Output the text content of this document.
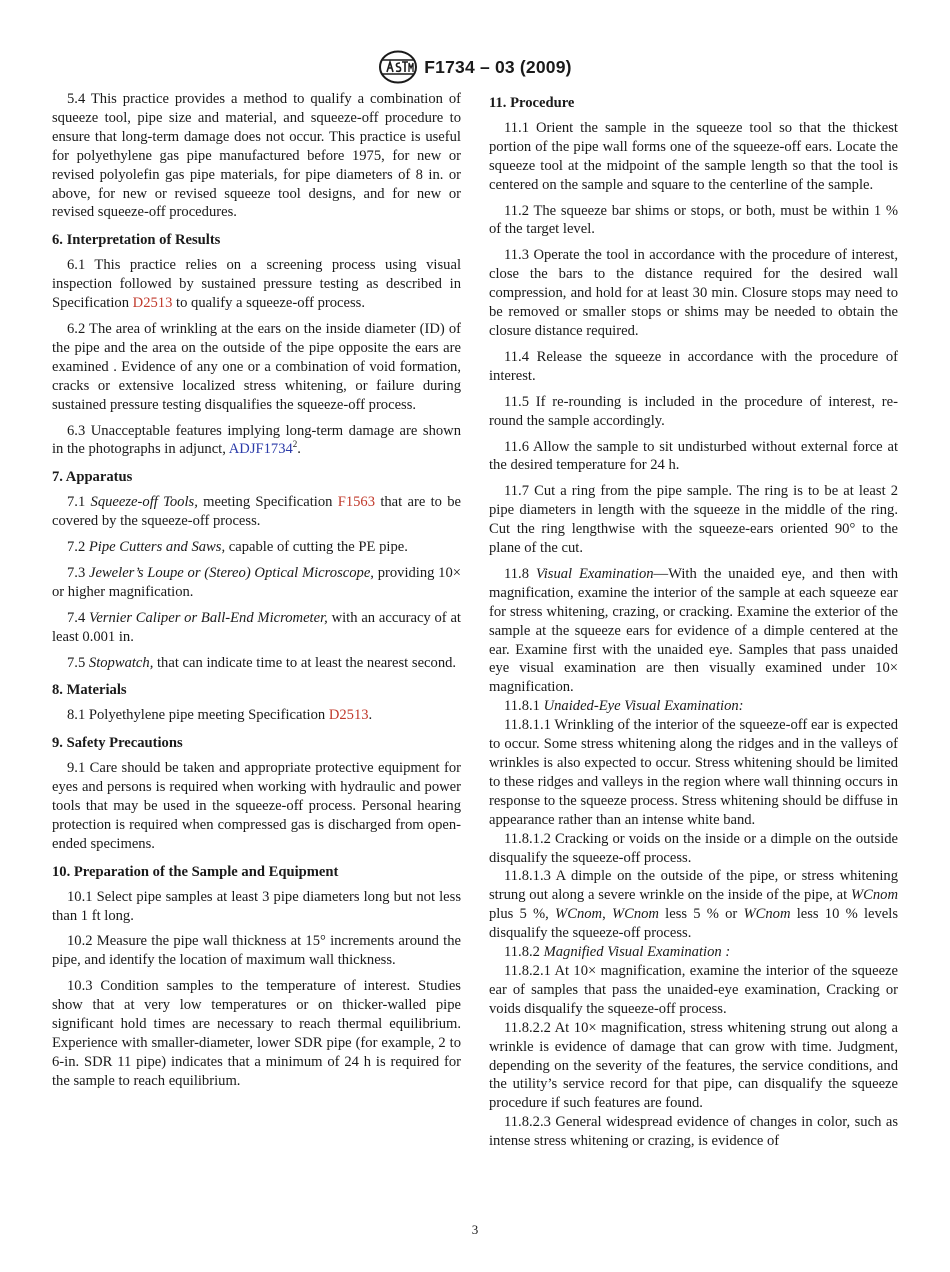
F1734 – 03 (2009)

5.4 This practice provides a method to qualify a combination of squeeze tool, pipe size and material, and squeeze-off procedure to ensure that long-term damage does not occur. This practice is useful for polyethylene gas pipe manufactured before 1975, for new or revised polyolefin gas pipe materials, for pipe diameters of 8 in. or above, for new or revised squeeze tool designs, and for new or revised squeeze-off procedures.

6. Interpretation of Results

6.1 This practice relies on a screening process using visual inspection followed by sustained pressure testing as described in Specification D2513 to qualify a squeeze-off process.

6.2 The area of wrinkling at the ears on the inside diameter (ID) of the pipe and the area on the outside of the pipe opposite the ears are examined . Evidence of any one or a combination of void formation, cracks or extensive localized stress whitening, or failure during sustained pressure testing disqualifies the squeeze-off process.

6.3 Unacceptable features implying long-term damage are shown in the photographs in adjunct, ADJF1734$^2$.

7. Apparatus

7.1 Squeeze-off Tools, meeting Specification F1563 that are to be covered by the squeeze-off process.

7.2 Pipe Cutters and Saws, capable of cutting the PE pipe.

7.3 Jeweler’s Loupe or (Stereo) Optical Microscope, providing 10× or higher magnification.

7.4 Vernier Caliper or Ball-End Micrometer, with an accuracy of at least 0.001 in.

7.5 Stopwatch, that can indicate time to at least the nearest second.

8. Materials

8.1 Polyethylene pipe meeting Specification D2513.

9. Safety Precautions

9.1 Care should be taken and appropriate protective equipment for eyes and persons is required when working with hydraulic and power tools that may be used in the squeeze-off process. Personal hearing protection is required when compressed gas is discharged from open-ended specimens.

10. Preparation of the Sample and Equipment

10.1 Select pipe samples at least 3 pipe diameters long but not less than 1 ft long.

10.2 Measure the pipe wall thickness at 15° increments around the pipe, and identify the location of maximum wall thickness.

10.3 Condition samples to the temperature of interest. Studies show that at very low temperatures or on thicker-walled pipe significant hold times are necessary to reach thermal equilibrium. Experience with smaller-diameter, lower SDR pipe (for example, 2 to 6-in. SDR 11 pipe) indicates that a minimum of 24 h is required for the sample to reach equilibrium.

11. Procedure

11.1 Orient the sample in the squeeze tool so that the thickest portion of the pipe wall forms one of the squeeze-off ears. Locate the squeeze tool at the midpoint of the sample length so that the tool is centered on the sample and square to the centerline of the sample.

11.2 The squeeze bar shims or stops, or both, must be within 1 % of the target level.

11.3 Operate the tool in accordance with the procedure of interest, close the bars to the distance required for the desired wall compression, and hold for at least 30 min. Closure stops may need to be removed or smaller stops or shims may be needed to obtain the closure distance required.

11.4 Release the squeeze in accordance with the procedure of interest.

11.5 If re-rounding is included in the procedure of interest, re-round the sample accordingly.

11.6 Allow the sample to sit undisturbed without external force at the desired temperature for 24 h.

11.7 Cut a ring from the pipe sample. The ring is to be at least 2 pipe diameters in length with the squeeze in the middle of the ring. Cut the ring lengthwise with the squeeze-ears oriented 90° to the plane of the cut.

11.8 Visual Examination—With the unaided eye, and then with magnification, examine the interior of the sample at each squeeze ear for stress whitening, crazing, or cracking. Examine the exterior of the sample at the squeeze ears for evidence of a dimple centered at the ear. Examine first with the unaided eye. Samples that pass unaided eye visual examination are then visually examined under 10× magnification.

11.8.1 Unaided-Eye Visual Examination:

11.8.1.1 Wrinkling of the interior of the squeeze-off ear is expected to occur. Some stress whitening along the ridges and in the valleys of wrinkles is also expected to occur. Stress whitening should be limited to these ridges and valleys in the region where wall thinning occurs in response to the squeeze process. Stress whitening should be diffuse in appearance rather than an intense white band.

11.8.1.2 Cracking or voids on the inside or a dimple on the outside disqualify the squeeze-off process.

11.8.1.3 A dimple on the outside of the pipe, or stress whitening strung out along a severe wrinkle on the inside of the pipe, at WCnom plus 5 %, WCnom, WCnom less 5 % or WCnom less 10 % levels disqualify the squeeze-off process.

11.8.2 Magnified Visual Examination :

11.8.2.1 At 10× magnification, examine the interior of the squeeze ear of samples that pass the unaided-eye examination, Cracking or voids disqualify the squeeze-off process.

11.8.2.2 At 10× magnification, stress whitening strung out along a wrinkle is evidence of damage that can grow with time. Judgment, depending on the severity of the features, the service conditions, and the utility’s service record for that pipe, can disqualify the squeeze procedure if such features are found.

11.8.2.3 General widespread evidence of changes in color, such as intense stress whitening or crazing, is evidence of

3
